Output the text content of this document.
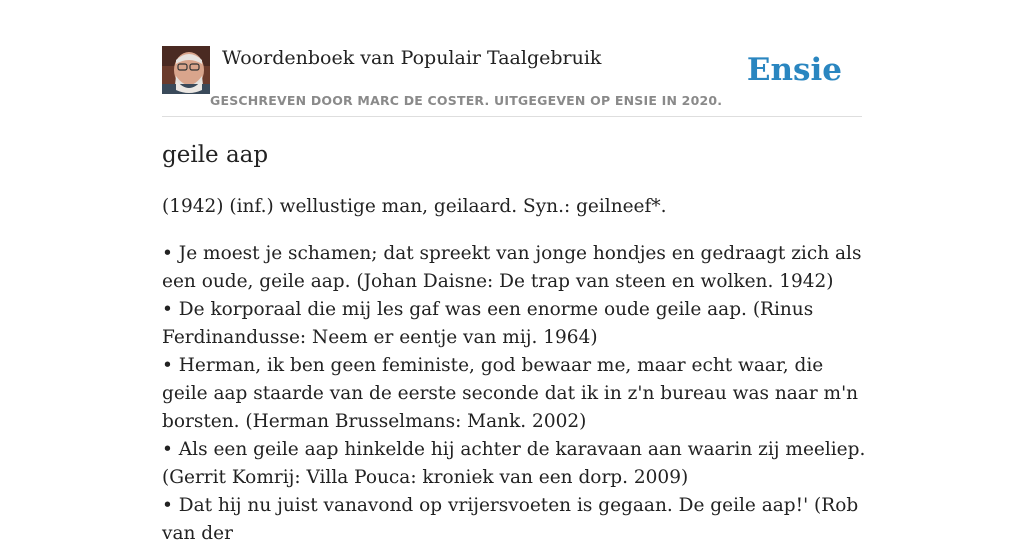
Woordenboek van Populair Taalgebruik
GESCHREVEN DOOR MARC DE COSTER. UITGEGEVEN OP ENSIE IN 2020.
Ensie
geile aap

(1942) (inf.) wellustige man, geilaard. Syn.: geilneef*.

• Je moest je schamen; dat spreekt van jonge hondjes en gedraagt zich als een oude, geile aap. (Johan Daisne: De trap van steen en wolken. 1942)
• De korporaal die mij les gaf was een enorme oude geile aap. (Rinus Ferdinandusse: Neem er eentje van mij. 1964)
• Herman, ik ben geen feministe, god bewaar me, maar echt waar, die geile aap staarde van de eerste seconde dat ik in z'n bureau was naar m'n borsten. (Herman Brusselmans: Mank. 2002)
• Als een geile aap hinkelde hij achter de karavaan aan waarin zij meeliep. (Gerrit Komrij: Villa Pouca: kroniek van een dorp. 2009)
• Dat hij nu juist vanavond op vrijersvoeten is gegaan. De geile aap!' (Rob van der
